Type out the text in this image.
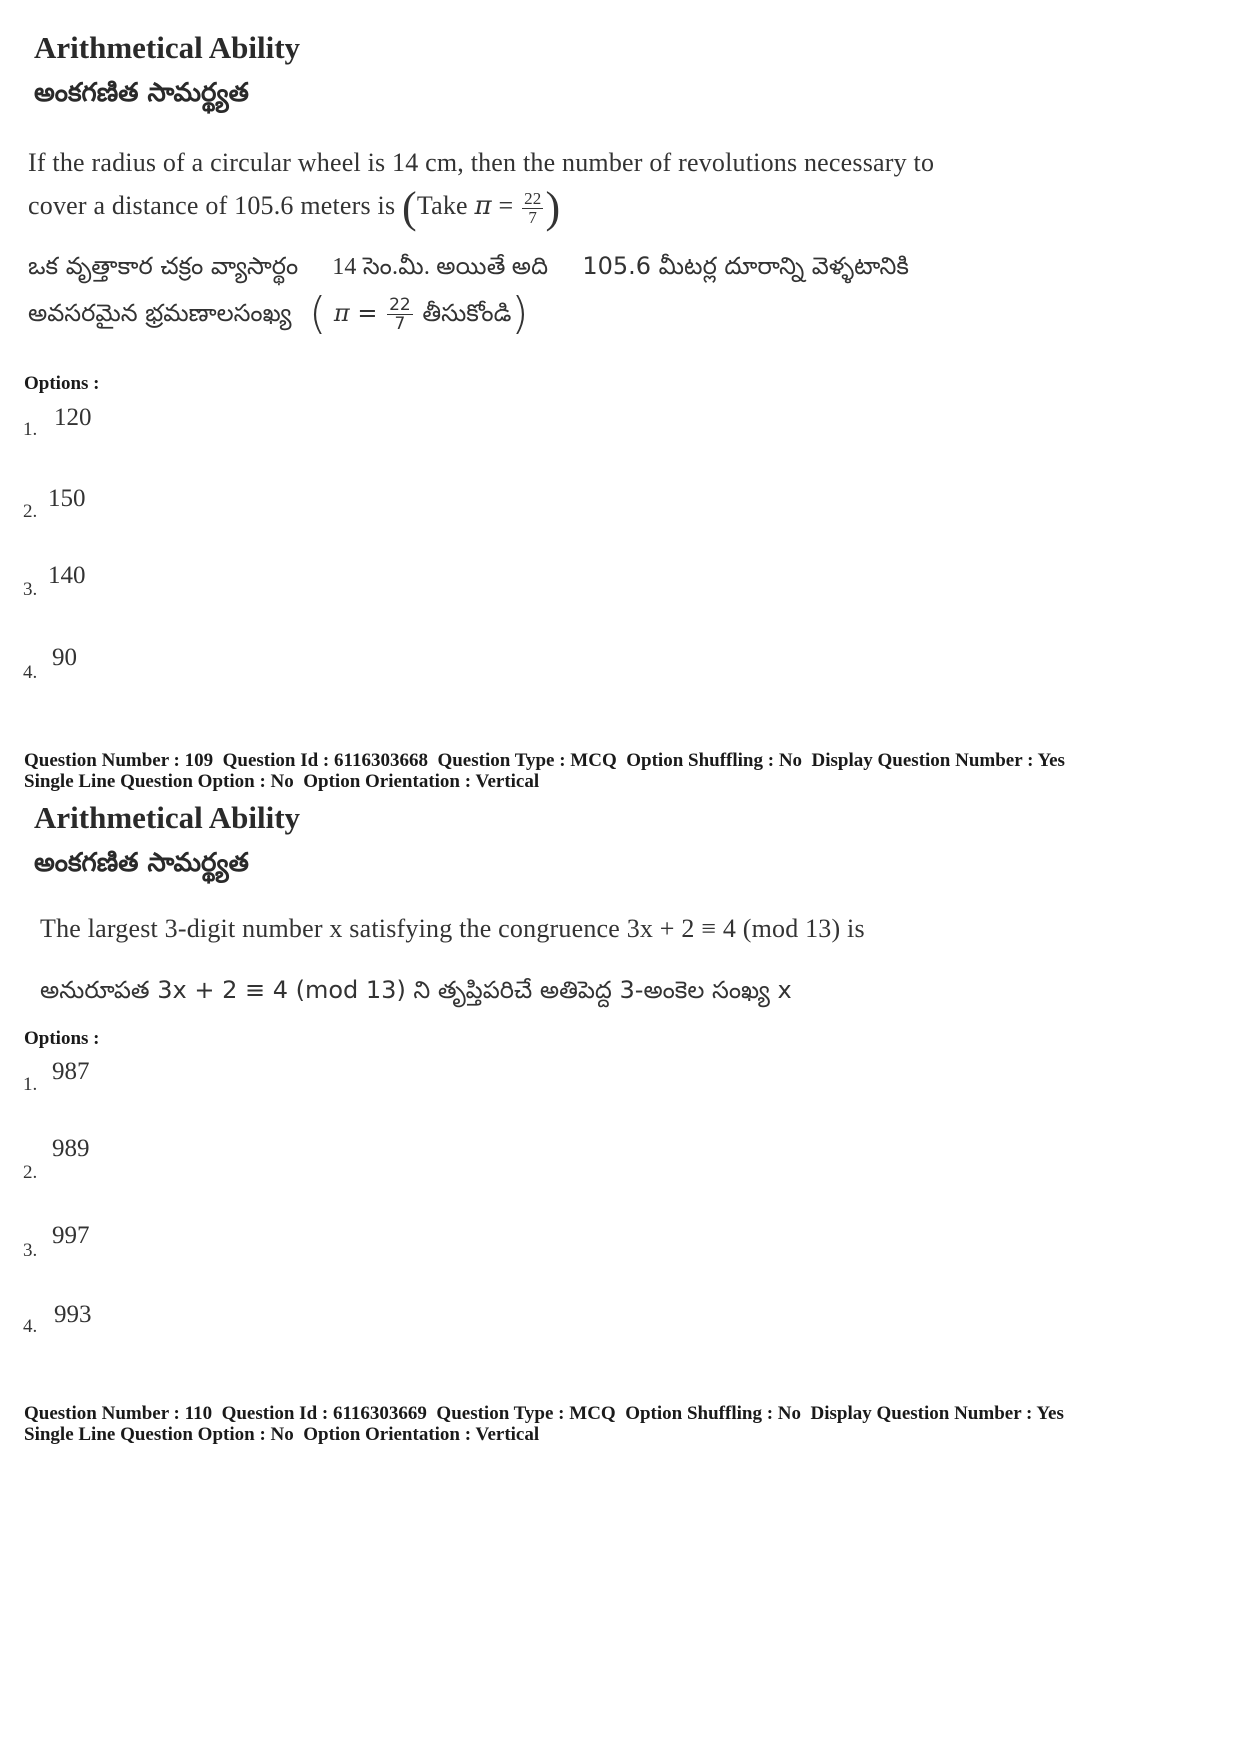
Arithmetical Ability
అంకగణిత సామర్థ్యత
If the radius of a circular wheel is 14 cm, then the number of revolutions necessary to
cover a distance of 105.6 meters is (Take $\pi = \frac{22}{7}$ )
ఒక వృత్తాకార చక్రం వ్యాసార్థం 14 సెం.మీ. అయితే అది 105.6 మీటర్ల దూరాన్ని వెళ్ళటానికి
అవసరమైన భ్రమణాలసంఖ్య ( $\pi = \frac{22}{7}$ తీసుకోండి)
Options :
1. 120
2. 150
3.
140
4.
90
Question Number : 109  Question Id : 6116303668  Question Type : MCQ  Option Shuffling : No  Display Question Number : Yes
Single Line Question Option : No  Option Orientation : Vertical
Arithmetical Ability
అంకగణిత సామర్థ్యత
The largest 3-digit number x satisfying the congruence 3x + 2 ≡ 4 (mod 13) is
అనురూపత 3x + 2 ≡ 4 (mod 13) ని తృప్తిపరిచే అతిపెద్ద 3-అంకెల సంఖ్య x
Options :
1. 987
2.
989
3.
997
4. 993
Question Number : 110  Question Id : 6116303669  Question Type : MCQ  Option Shuffling : No  Display Question Number : Yes
Single Line Question Option : No  Option Orientation : Vertical
